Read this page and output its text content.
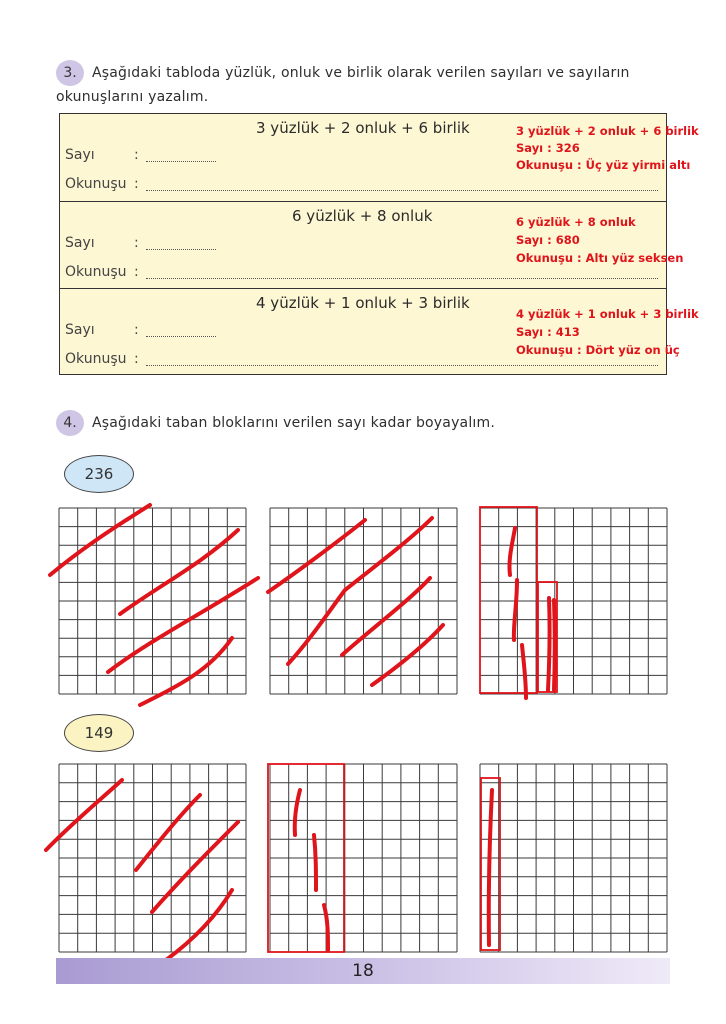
3.	Aşağıdaki tabloda yüzlük, onluk ve birlik olarak verilen sayıları ve sayıların
okunuşlarını yazalım.
3 yüzlük + 2 onluk + 6 birlik
Sayı	:
Okunuşu :
6 yüzlük + 8 onluk
Sayı	:
Okunuşu :
4 yüzlük + 1 onluk + 3 birlik
Sayı	:
Okunuşu :
3 yüzlük + 2 onluk + 6 birlik
Sayı : 326
Okunuşu : Üç yüz yirmi altı
6 yüzlük + 8 onluk
Sayı : 680
Okunuşu : Altı yüz seksen
4 yüzlük + 1 onluk + 3 birlik
Sayı : 413
Okunuşu : Dört yüz on üç
4.	Aşağıdaki taban bloklarını verilen sayı kadar boyayalım.
236
149
18
